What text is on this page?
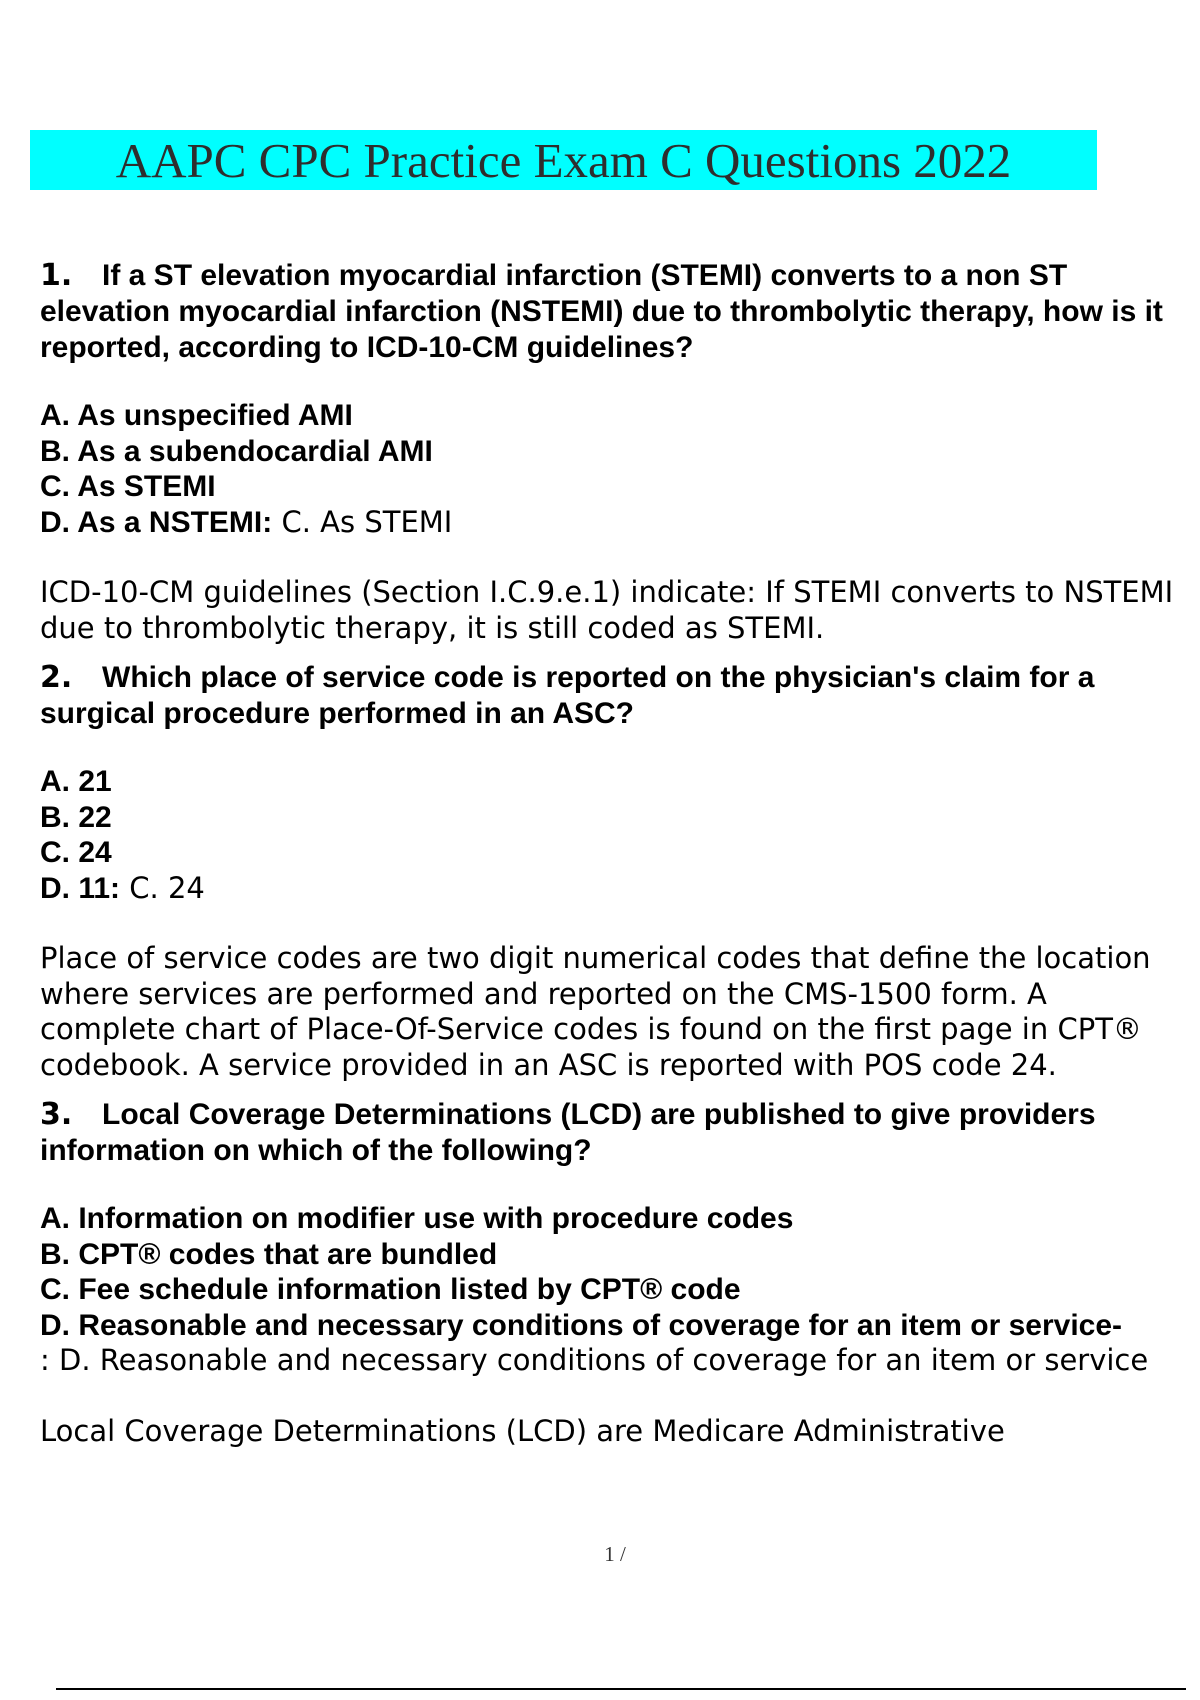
AAPC CPC Practice Exam C Questions 2022

1. If a ST elevation myocardial infarction (STEMI) converts to a non ST elevation myocardial infarction (NSTEMI) due to thrombolytic therapy, how is it reported, according to ICD-10-CM guidelines?

A. As unspecified AMI
B. As a subendocardial AMI
C. As STEMI
D. As a NSTEMI: C. As STEMI
ICD-10-CM guidelines (Section I.C.9.e.1) indicate: If STEMI converts to NSTEMI due to thrombolytic therapy, it is still coded as STEMI.

2. Which place of service code is reported on the physician's claim for a surgical procedure performed in an ASC?

A. 21
B. 22
C. 24
D. 11: C. 24
Place of service codes are two digit numerical codes that define the location where services are performed and reported on the CMS-1500 form. A complete chart of Place-Of-Service codes is found on the first page in CPT® codebook. A service provided in an ASC is reported with POS code 24.

3. Local Coverage Determinations (LCD) are published to give providers information on which of the following?

A. Information on modifier use with procedure codes
B. CPT® codes that are bundled
C. Fee schedule information listed by CPT® code
D. Reasonable and necessary conditions of coverage for an item or service-
: D. Reasonable and necessary conditions of coverage for an item or service
Local Coverage Determinations (LCD) are Medicare Administrative
1 /
